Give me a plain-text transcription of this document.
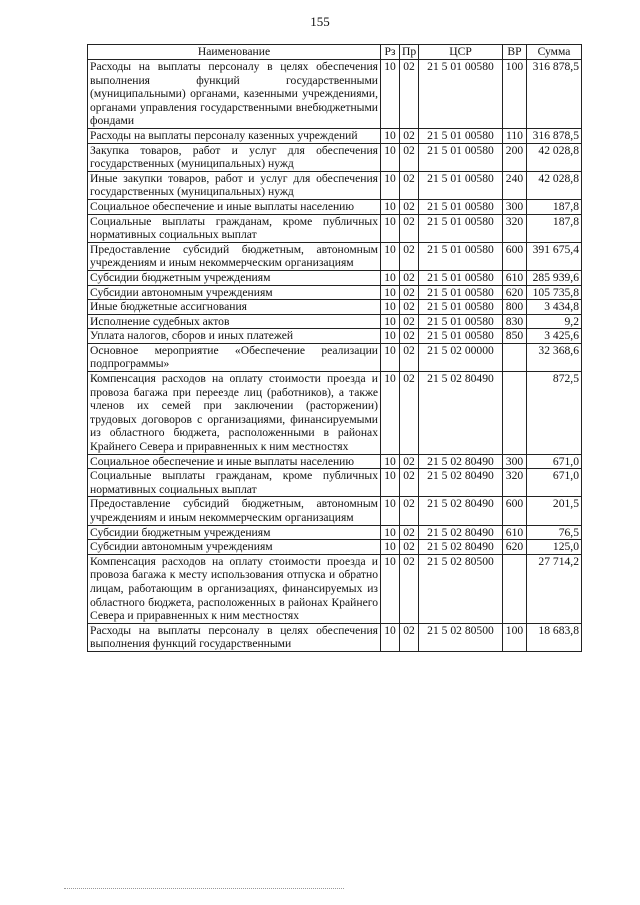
155
Наименование	Рз	Пр	ЦСР	ВР	Сумма
Расходы на выплаты персоналу в целях обеспечения выполнения функций государственными (муниципальными) органами, казенными учреждениями, органами управления государственными внебюджетными фондами	10	02	21 5 01 00580	100	316 878,5
Расходы на выплаты персоналу казенных учреждений	10	02	21 5 01 00580	110	316 878,5
Закупка товаров, работ и услуг для обеспечения государственных (муниципальных) нужд	10	02	21 5 01 00580	200	42 028,8
Иные закупки товаров, работ и услуг для обеспечения государственных (муниципальных) нужд	10	02	21 5 01 00580	240	42 028,8
Социальное обеспечение и иные выплаты населению	10	02	21 5 01 00580	300	187,8
Социальные выплаты гражданам, кроме публичных нормативных социальных выплат	10	02	21 5 01 00580	320	187,8
Предоставление субсидий бюджетным, автономным учреждениям и иным некоммерческим организациям	10	02	21 5 01 00580	600	391 675,4
Субсидии бюджетным учреждениям	10	02	21 5 01 00580	610	285 939,6
Субсидии автономным учреждениям	10	02	21 5 01 00580	620	105 735,8
Иные бюджетные ассигнования	10	02	21 5 01 00580	800	3 434,8
Исполнение судебных актов	10	02	21 5 01 00580	830	9,2
Уплата налогов, сборов и иных платежей	10	02	21 5 01 00580	850	3 425,6
Основное мероприятие «Обеспечение реализации подпрограммы»	10	02	21 5 02 00000		32 368,6
Компенсация расходов на оплату стоимости проезда и провоза багажа при переезде лиц (работников), а также членов их семей при заключении (расторжении) трудовых договоров с организациями, финансируемыми из областного бюджета, расположенными в районах Крайнего Севера и приравненных к ним местностях	10	02	21 5 02 80490		872,5
Социальное обеспечение и иные выплаты населению	10	02	21 5 02 80490	300	671,0
Социальные выплаты гражданам, кроме публичных нормативных социальных выплат	10	02	21 5 02 80490	320	671,0
Предоставление субсидий бюджетным, автономным учреждениям и иным некоммерческим организациям	10	02	21 5 02 80490	600	201,5
Субсидии бюджетным учреждениям	10	02	21 5 02 80490	610	76,5
Субсидии автономным учреждениям	10	02	21 5 02 80490	620	125,0
Компенсация расходов на оплату стоимости проезда и провоза багажа к месту использования отпуска и обратно лицам, работающим в организациях, финансируемых из областного бюджета, расположенных в районах Крайнего Севера и приравненных к ним местностях	10	02	21 5 02 80500		27 714,2
Расходы на выплаты персоналу в целях обеспечения выполнения функций государственными	10	02	21 5 02 80500	100	18 683,8
